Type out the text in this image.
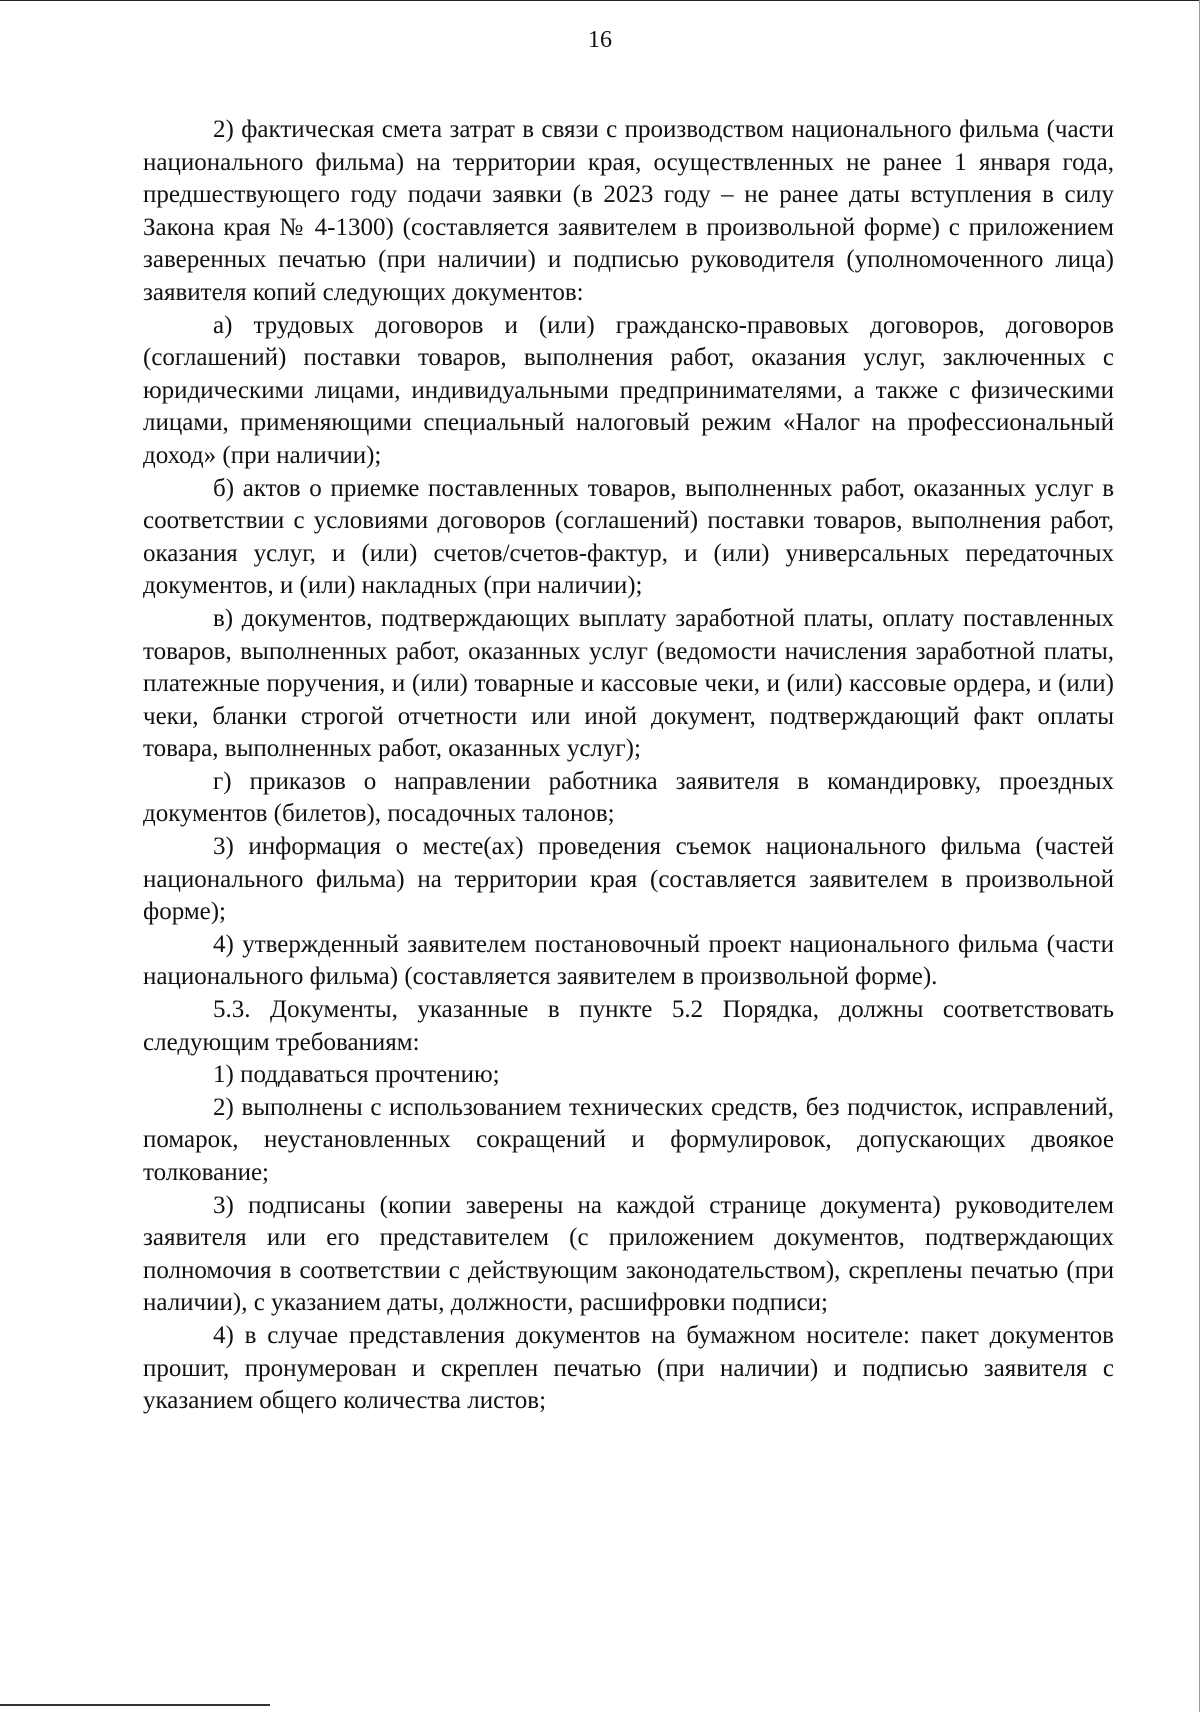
16

2) фактическая смета затрат в связи с производством национального фильма (части национального фильма) на территории края, осуществленных не ранее 1 января года, предшествующего году подачи заявки (в 2023 году – не ранее даты вступления в силу Закона края № 4-1300) (составляется заявителем в произвольной форме) с приложением заверенных печатью (при наличии) и подписью руководителя (уполномоченного лица) заявителя копий следующих документов:

а) трудовых договоров и (или) гражданско-правовых договоров, договоров (соглашений) поставки товаров, выполнения работ, оказания услуг, заключенных с юридическими лицами, индивидуальными предпринимателями, а также с физическими лицами, применяющими специальный налоговый режим «Налог на профессиональный доход» (при наличии);

б) актов о приемке поставленных товаров, выполненных работ, оказанных услуг в соответствии с условиями договоров (соглашений) поставки товаров, выполнения работ, оказания услуг, и (или) счетов/счетов-фактур, и (или) универсальных передаточных документов, и (или) накладных (при наличии);

в) документов, подтверждающих выплату заработной платы, оплату поставленных товаров, выполненных работ, оказанных услуг (ведомости начисления заработной платы, платежные поручения, и (или) товарные и кассовые чеки, и (или) кассовые ордера, и (или) чеки, бланки строгой отчетности или иной документ, подтверждающий факт оплаты товара, выполненных работ, оказанных услуг);

г) приказов о направлении работника заявителя в командировку, проездных документов (билетов), посадочных талонов;

3) информация о месте(ах) проведения съемок национального фильма (частей национального фильма) на территории края (составляется заявителем в произвольной форме);

4) утвержденный заявителем постановочный проект национального фильма (части национального фильма) (составляется заявителем в произвольной форме).

5.3. Документы, указанные в пункте 5.2 Порядка, должны соответствовать следующим требованиям:

1) поддаваться прочтению;

2) выполнены с использованием технических средств, без подчисток, исправлений, помарок, неустановленных сокращений и формулировок, допускающих двоякое толкование;

3) подписаны (копии заверены на каждой странице документа) руководителем заявителя или его представителем (с приложением документов, подтверждающих полномочия в соответствии с действующим законодательством), скреплены печатью (при наличии), с указанием даты, должности, расшифровки подписи;

4) в случае представления документов на бумажном носителе: пакет документов прошит, пронумерован и скреплен печатью (при наличии) и подписью заявителя с указанием общего количества листов;
